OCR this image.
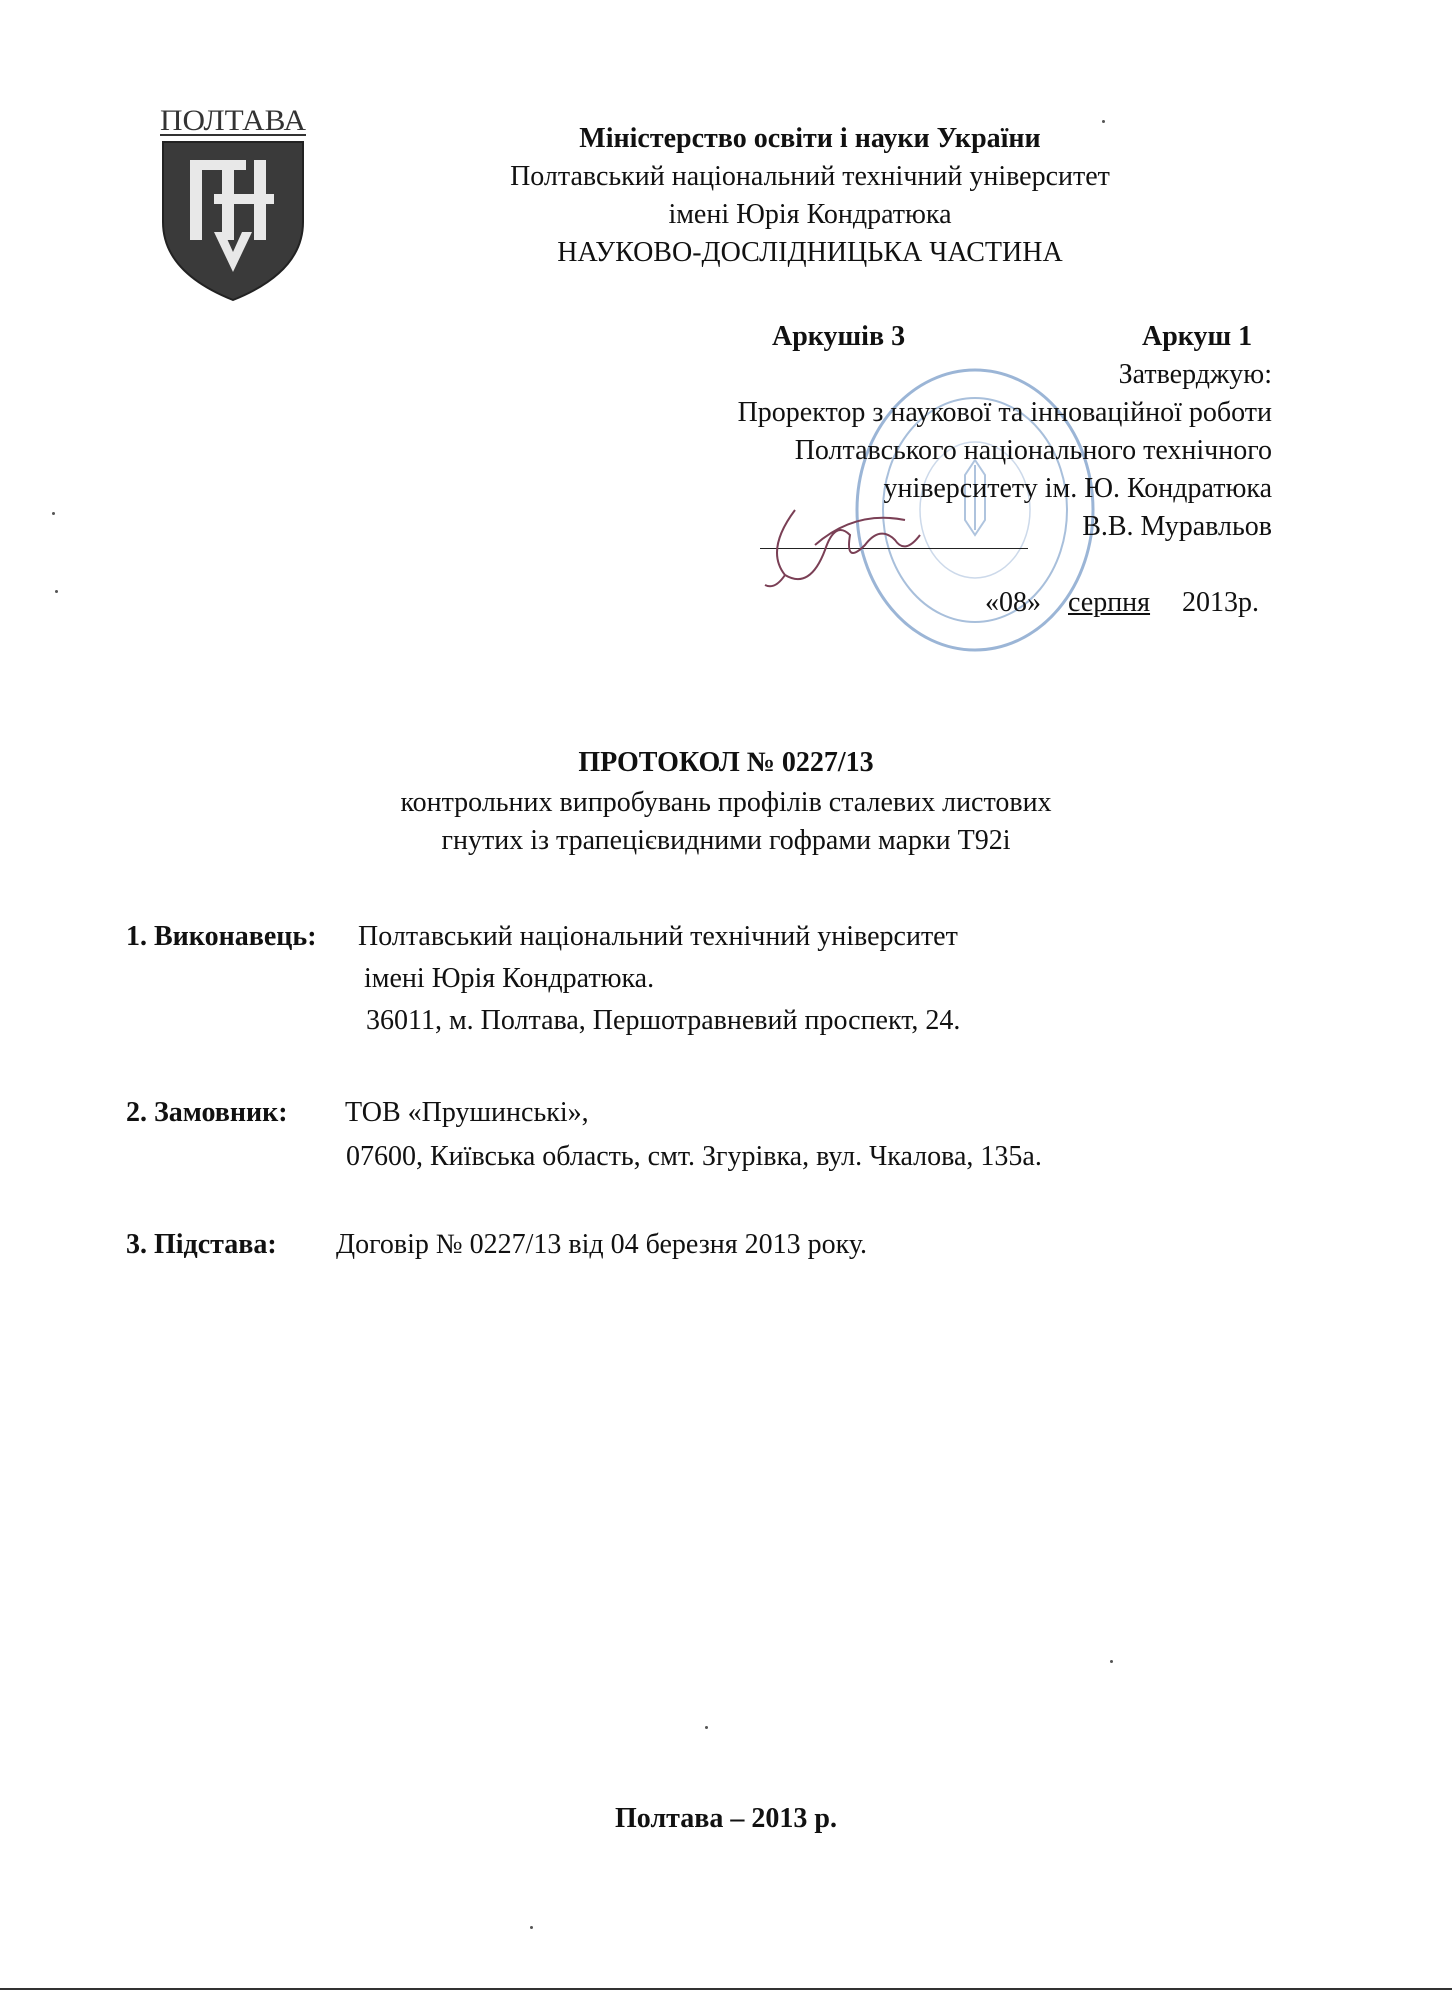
ПОЛТАВА
Міністерство освіти і науки України
Полтавський національний технічний університет
імені Юрія Кондратюка
НАУКОВО-ДОСЛІДНИЦЬКА ЧАСТИНА
Аркушів 3	Аркуш 1
Затверджую:
Проректор з наукової та інноваційної роботи
Полтавського національного технічного
університету ім. Ю. Кондратюка
В.В. Муравльов
«08» серпня 2013р.
ПРОТОКОЛ № 0227/13
контрольних випробувань профілів сталевих листових
гнутих із трапецієвидними гофрами марки Т92і
1. Виконавець: Полтавський національний технічний університет
імені Юрія Кондратюка.
36011, м. Полтава, Першотравневий проспект, 24.
2. Замовник: ТОВ «Прушинські»,
07600, Київська область, смт. Згурівка, вул. Чкалова, 135а.
3. Підстава: Договір № 0227/13 від 04 березня 2013 року.
Полтава – 2013 р.
